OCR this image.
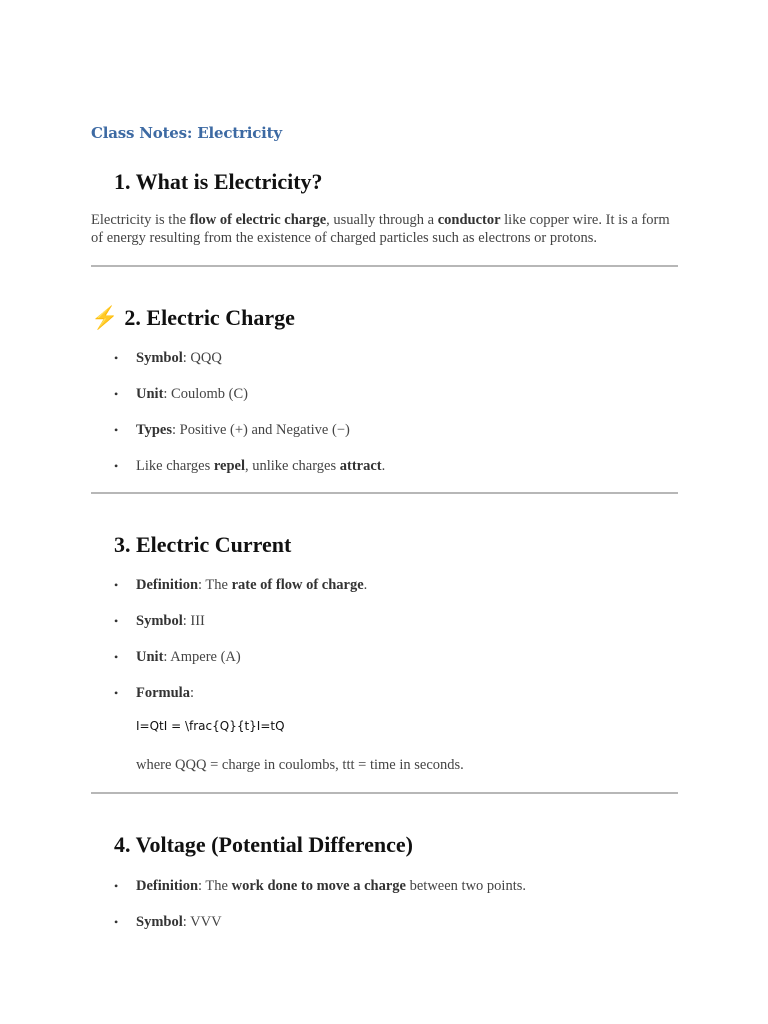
Class Notes: Electricity
1. What is Electricity?

Electricity is the flow of electric charge, usually through a conductor like copper wire. It is a form of energy resulting from the existence of charged particles such as electrons or protons.

⚡ 2. Electric Charge

• Symbol: QQQ

• Unit: Coulomb (C)

• Types: Positive (+) and Negative (−)

• Like charges repel, unlike charges attract.

3. Electric Current

• Definition: The rate of flow of charge.

• Symbol: III

• Unit: Ampere (A)

• Formula:

I=QtI = \frac{Q}{t}I=tQ

where QQQ = charge in coulombs, ttt = time in seconds.

4. Voltage (Potential Difference)

• Definition: The work done to move a charge between two points.

• Symbol: VVV
